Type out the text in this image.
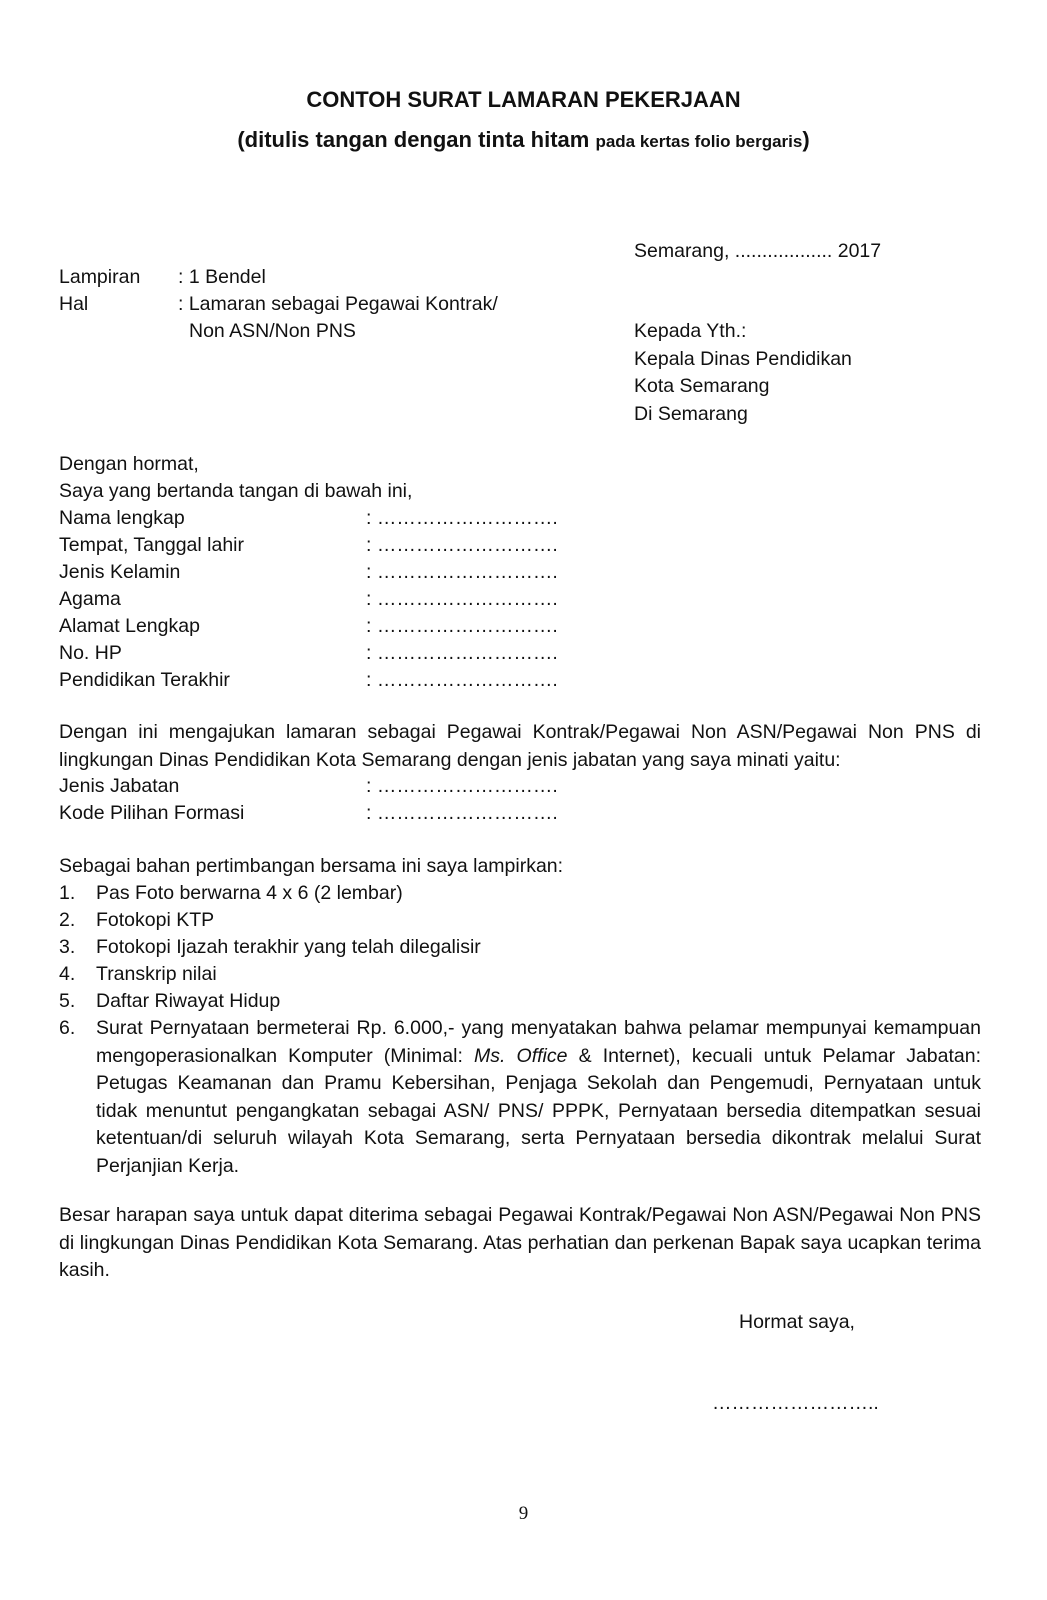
CONTOH SURAT LAMARAN PEKERJAAN
(ditulis tangan dengan tinta hitam pada kertas folio bergaris)
Semarang, .................. 2017
Lampiran : 1 Bendel
Hal	: Lamaran sebagai Pegawai Kontrak/
Non ASN/Non PNS	Kepada Yth.:
Kepala Dinas Pendidikan
Kota Semarang
Di Semarang
Dengan hormat,
Saya yang bertanda tangan di bawah ini,
Nama lengkap	: ……………………….
Tempat, Tanggal lahir	: ……………………….
Jenis Kelamin	: ……………………….
Agama	: ……………………….
Alamat Lengkap	: ……………………….
No. HP	: ……………………….
Pendidikan Terakhir	: ……………………….
Dengan ini mengajukan lamaran sebagai Pegawai Kontrak/Pegawai Non ASN/Pegawai Non PNS di lingkungan Dinas Pendidikan Kota Semarang dengan jenis jabatan yang saya minati yaitu:
Jenis Jabatan	: ……………………….
Kode Pilihan Formasi	: ……………………….
Sebagai bahan pertimbangan bersama ini saya lampirkan:
1. Pas Foto berwarna 4 x 6 (2 lembar)
2. Fotokopi KTP
3. Fotokopi Ijazah terakhir yang telah dilegalisir
4. Transkrip nilai
5. Daftar Riwayat Hidup
6. Surat Pernyataan bermeterai Rp. 6.000,- yang menyatakan bahwa pelamar mempunyai kemampuan mengoperasionalkan Komputer (Minimal: Ms. Office & Internet), kecuali untuk Pelamar Jabatan: Petugas Keamanan dan Pramu Kebersihan, Penjaga Sekolah dan Pengemudi, Pernyataan untuk tidak menuntut pengangkatan sebagai ASN/ PNS/ PPPK, Pernyataan bersedia ditempatkan sesuai ketentuan/di seluruh wilayah Kota Semarang, serta Pernyataan bersedia dikontrak melalui Surat Perjanjian Kerja.
Besar harapan saya untuk dapat diterima sebagai Pegawai Kontrak/Pegawai Non ASN/Pegawai Non PNS di lingkungan Dinas Pendidikan Kota Semarang. Atas perhatian dan perkenan Bapak saya ucapkan terima kasih.
Hormat saya,
……………………..
9
